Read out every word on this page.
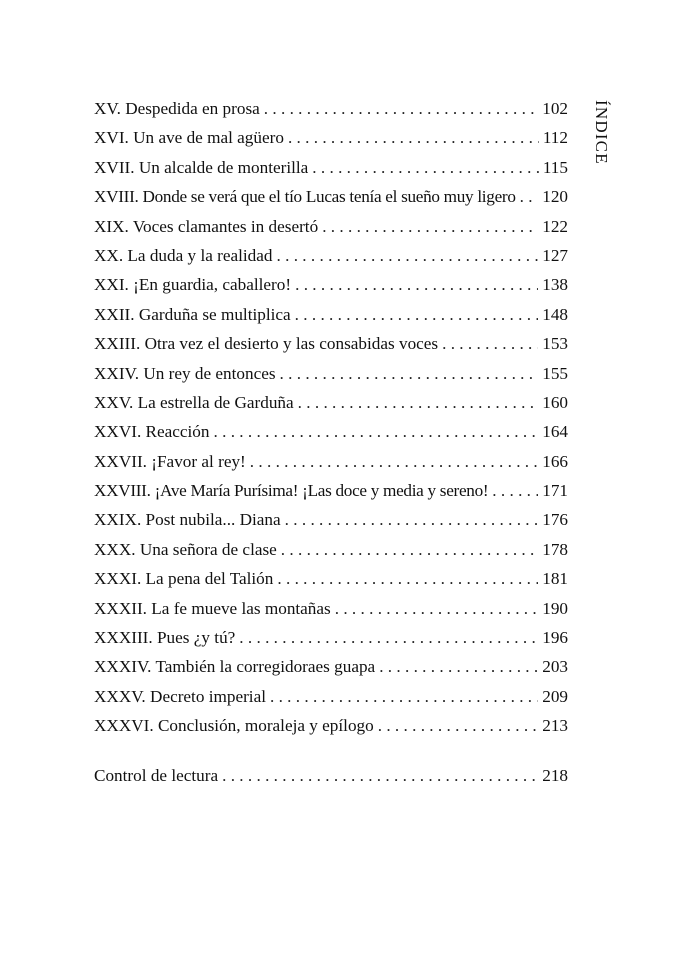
ÍNDICE
XV. Despedida en prosa . . .	102
XVI. Un ave de mal agüero . . .	112
XVII. Un alcalde de monterilla . . .	115
XVIII. Donde se verá que el tío Lucas tenía el sueño muy ligero . . . 120
XIX. Voces clamantes in desertó . . .	122
XX. La duda y la realidad . . .	127
XXI. ¡En guardia, caballero! . . .	138
XXII. Garduña se multiplica . . .	148
XXIII. Otra vez el desierto y las consabidas voces . . .	153
XXIV. Un rey de entonces . . .	155
XXV. La estrella de Garduña . . .	160
XXVI. Reacción . . .	164
XXVII. ¡Favor al rey! . . .	166
XXVIII. ¡Ave María Purísima! ¡Las doce y media y sereno! . . .	171
XXIX. Post nubila... Diana . . .	176
XXX. Una señora de clase . . .	178
XXXI. La pena del Talión . . .	181
XXXII. La fe mueve las montañas . . .	190
XXXIII. Pues ¿y tú? . . .	196
XXXIV. También la corregidoraes guapa . . .	203
XXXV. Decreto imperial . . .	209
XXXVI. Conclusión, moraleja y epílogo . . .	213
Control de lectura . . .	218
